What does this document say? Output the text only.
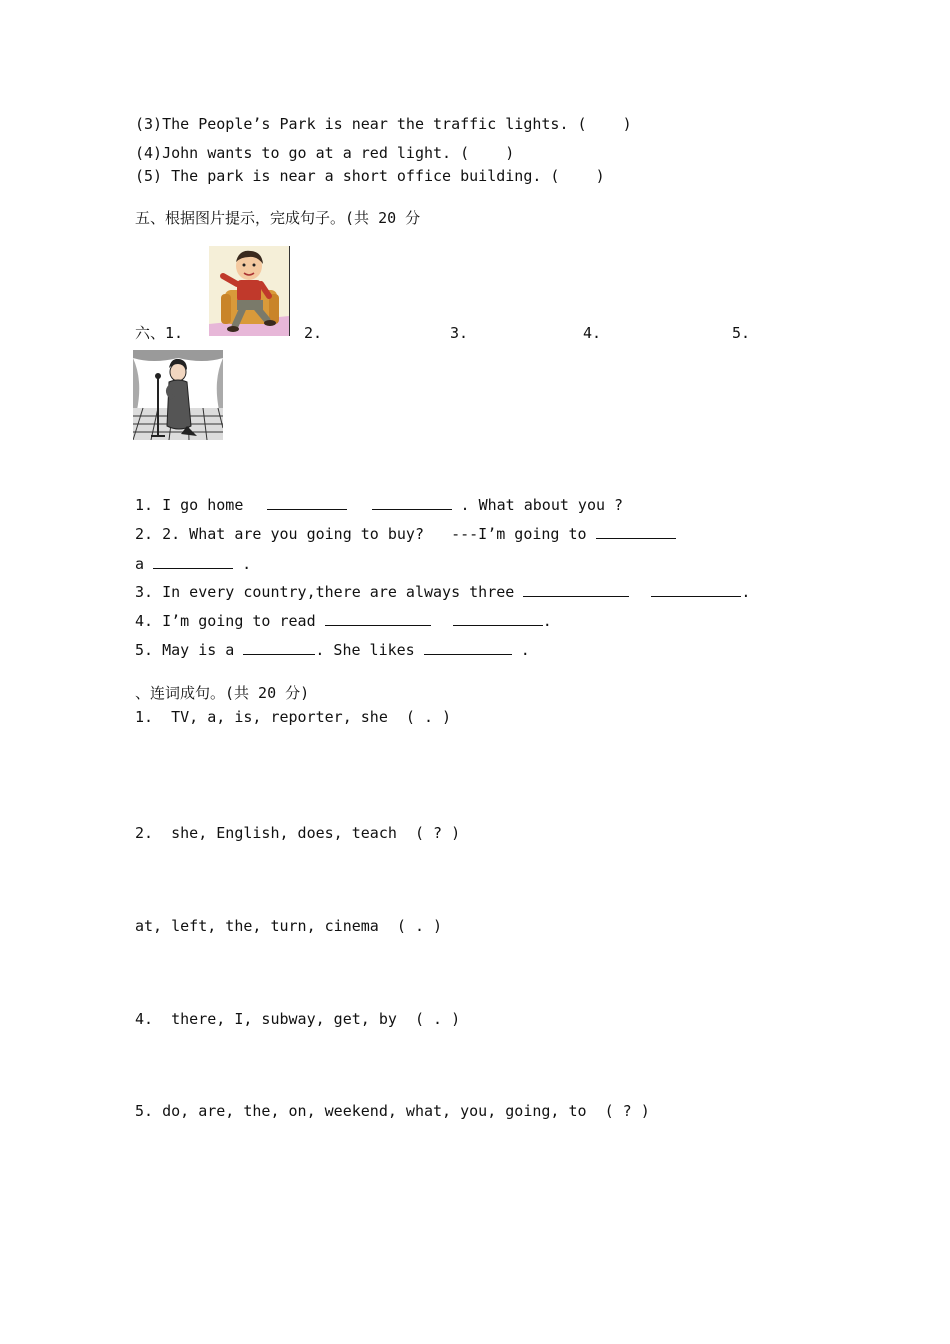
(3)The People’s Park is near the traffic lights. (    )
(4)John wants to go at a red light. (    )
(5) The park is near a short office building. (    )
五、根据图片提示，完成句子。(共 20 分
六、1.	2.	3.	4.	5.
1. I go home	. What about you ?
2. 2. What are you going to buy?   ---I’m going to
a	.
3. In every country,there are always three	.
4. I’m going to read	.
5. May is a	. She likes	.
、连词成句。(共 20 分)
1.  TV, a, is, reporter, she  ( . )
2.  she, English, does, teach  ( ? )
at, left, the, turn, cinema  ( . )
4.  there, I, subway, get, by  ( . )
5. do, are, the, on, weekend, what, you, going, to  ( ? )
